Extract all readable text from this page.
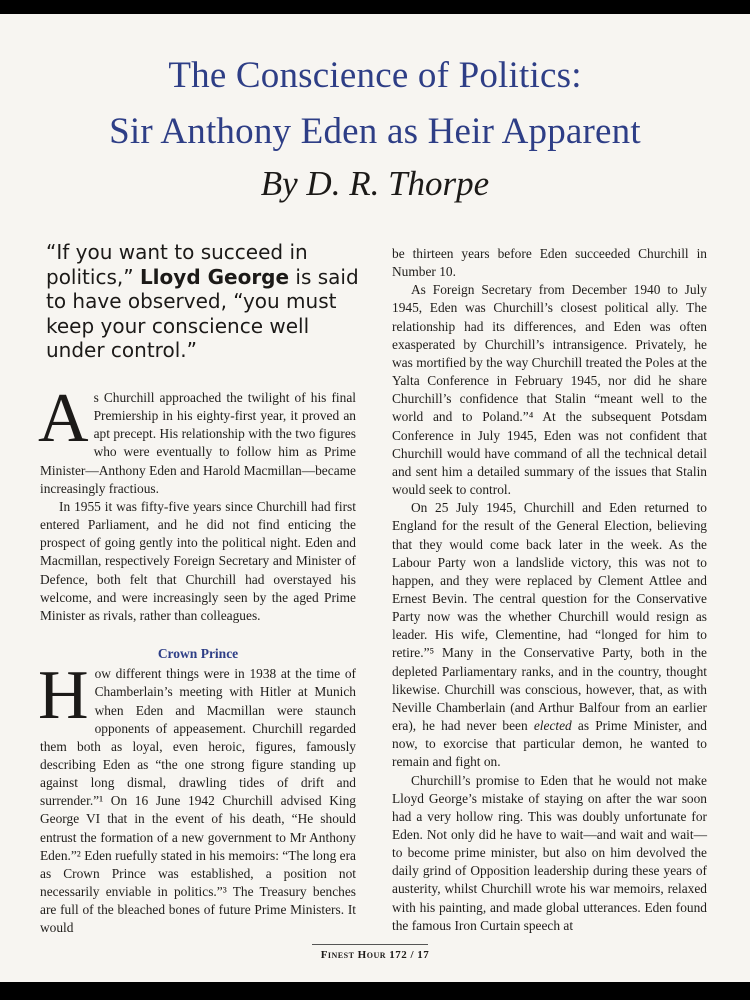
The Conscience of Politics:
Sir Anthony Eden as Heir Apparent
By D. R. Thorpe

“If you want to succeed in politics,” Lloyd George is said to have observed, “you must keep your conscience well under control.”

As Churchill approached the twilight of his final Premiership in his eighty-first year, it proved an apt precept. His relationship with the two figures who were eventually to follow him as Prime Minister—Anthony Eden and Harold Macmillan—became increasingly fractious.

In 1955 it was fifty-five years since Churchill had first entered Parliament, and he did not find enticing the prospect of going gently into the political night. Eden and Macmillan, respectively Foreign Secretary and Minister of Defence, both felt that Churchill had overstayed his welcome, and were increasingly seen by the aged Prime Minister as rivals, rather than colleagues.

Crown Prince

How different things were in 1938 at the time of Chamberlain’s meeting with Hitler at Munich when Eden and Macmillan were staunch opponents of appeasement. Churchill regarded them both as loyal, even heroic, figures, famously describing Eden as “the one strong figure standing up against long dismal, drawling tides of drift and surrender.”¹ On 16 June 1942 Churchill advised King George VI that in the event of his death, “He should entrust the formation of a new government to Mr Anthony Eden.”² Eden ruefully stated in his memoirs: “The long era as Crown Prince was established, a position not necessarily enviable in politics.”³ The Treasury benches are full of the bleached bones of future Prime Ministers. It would

be thirteen years before Eden succeeded Churchill in Number 10.

As Foreign Secretary from December 1940 to July 1945, Eden was Churchill’s closest political ally. The relationship had its differences, and Eden was often exasperated by Churchill’s intransigence. Privately, he was mortified by the way Churchill treated the Poles at the Yalta Conference in February 1945, nor did he share Churchill’s confidence that Stalin “meant well to the world and to Poland.”⁴ At the subsequent Potsdam Conference in July 1945, Eden was not confident that Churchill would have command of all the technical detail and sent him a detailed summary of the issues that Stalin would seek to control.

On 25 July 1945, Churchill and Eden returned to England for the result of the General Election, believing that they would come back later in the week. As the Labour Party won a landslide victory, this was not to happen, and they were replaced by Clement Attlee and Ernest Bevin. The central question for the Conservative Party now was the whether Churchill would resign as leader. His wife, Clementine, had “longed for him to retire.”⁵ Many in the Conservative Party, both in the depleted Parliamentary ranks, and in the country, thought likewise. Churchill was conscious, however, that, as with Neville Chamberlain (and Arthur Balfour from an earlier era), he had never been elected as Prime Minister, and now, to exorcise that particular demon, he wanted to remain and fight on.

Churchill’s promise to Eden that he would not make Lloyd George’s mistake of staying on after the war soon had a very hollow ring. This was doubly unfortunate for Eden. Not only did he have to wait—and wait and wait—to become prime minister, but also on him devolved the daily grind of Opposition leadership during these years of austerity, whilst Churchill wrote his war memoirs, relaxed with his painting, and made global utterances. Eden found the famous Iron Curtain speech at

Finest Hour 172 / 17
